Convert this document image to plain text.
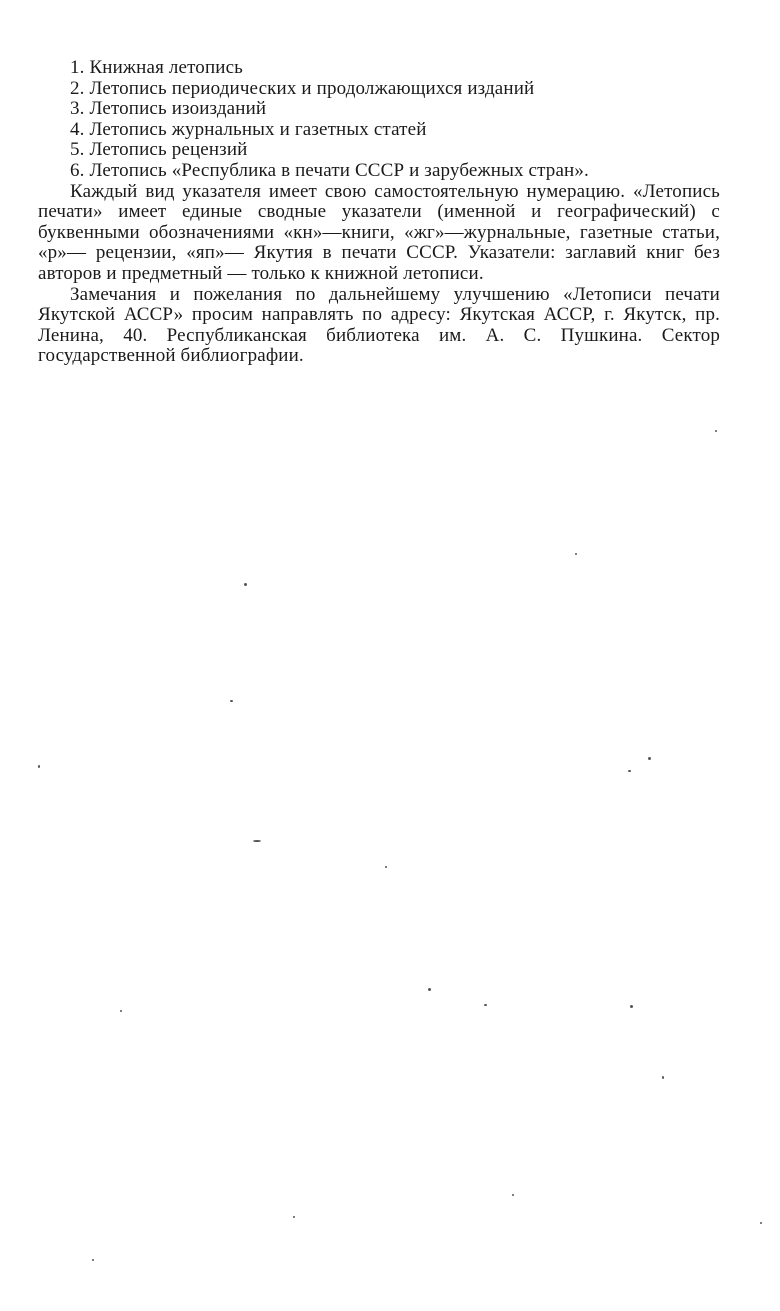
1. Книжная летопись
2. Летопись периодических и продолжающихся изданий
3. Летопись изоизданий
4. Летопись журнальных и газетных статей
5. Летопись рецензий
6. Летопись «Республика в печати СССР и зарубежных стран».

Каждый вид указателя имеет свою самостоятельную нумерацию. «Летопись печати» имеет единые сводные указатели (именной и географический) с буквенными обозначениями «кн»—книги, «жг»—журнальные, газетные статьи, «р»— рецензии, «яп»— Якутия в печати СССР. Указатели: заглавий книг без авторов и предметный — только к книжной летописи.

Замечания и пожелания по дальнейшему улучшению «Летописи печати Якутской АССР» просим направлять по адресу: Якутская АССР, г. Якутск, пр. Ленина, 40. Республиканская библиотека им. А. С. Пушкина. Сектор государственной библиографии.
